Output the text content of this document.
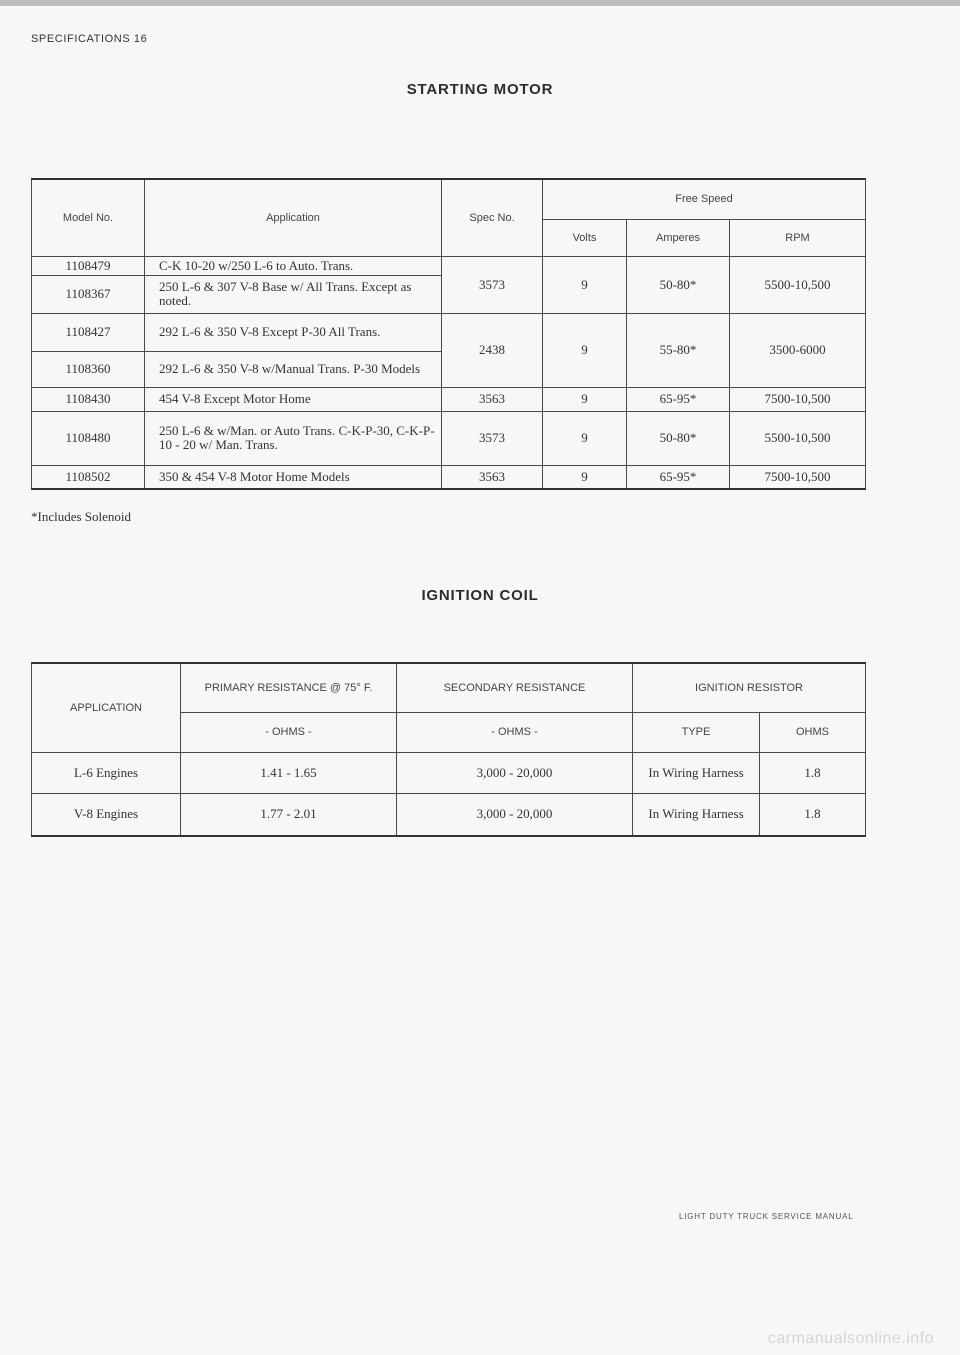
SPECIFICATIONS 16
STARTING MOTOR
Model No.	Application	Spec No.	Free Speed		
			Volts	Amperes	RPM
1108479	C-K 10-20 w/250 L-6 to Auto. Trans.	3573	9	50-80*	5500-10,500
1108367	250 L-6 & 307 V-8 Base w/ All Trans. Except as noted.				
1108427	292 L-6 & 350 V-8 Except P-30 All Trans.	2438	9	55-80*	3500-6000
1108360	292 L-6 & 350 V-8 w/Manual Trans. P-30 Models				
1108430	454 V-8 Except Motor Home	3563	9	65-95*	7500-10,500
1108480	250 L-6 & w/Man. or Auto Trans. C-K-P-30, C-K-P-10 - 20 w/ Man. Trans.	3573	9	50-80*	5500-10,500
1108502	350 & 454 V-8 Motor Home Models	3563	9	65-95*	7500-10,500
*Includes Solenoid
IGNITION COIL
APPLICATION	PRIMARY RESISTANCE @ 75° F.	SECONDARY RESISTANCE	IGNITION RESISTOR	
	- OHMS -	- OHMS -	TYPE	OHMS
L-6 Engines	1.41 - 1.65	3,000 - 20,000	In Wiring Harness	1.8
V-8 Engines	1.77 - 2.01	3,000 - 20,000	In Wiring Harness	1.8
LIGHT DUTY TRUCK SERVICE MANUAL
carmanualsonline.info
